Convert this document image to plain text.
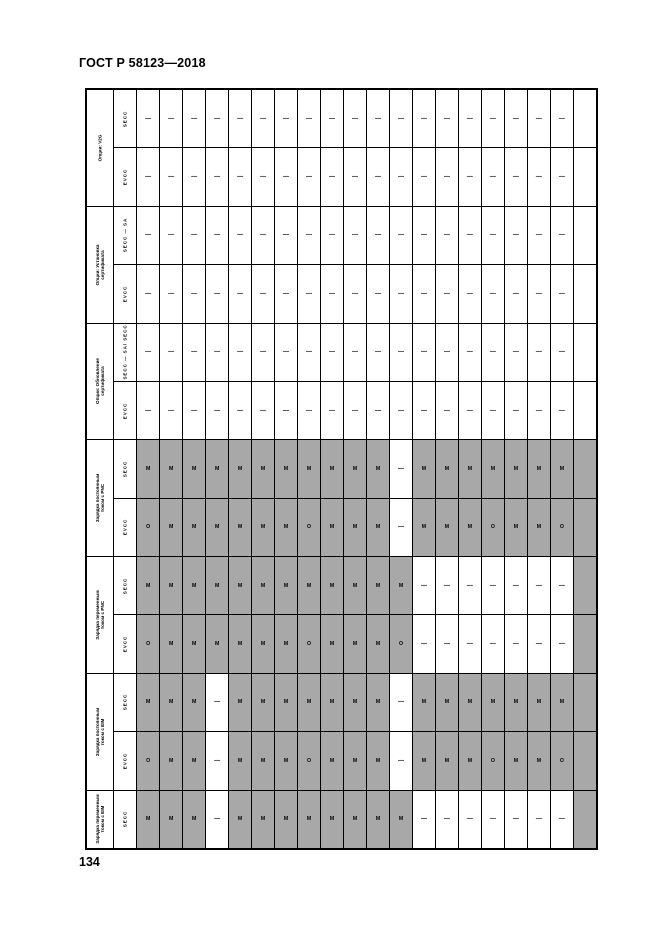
ГОСТ Р 58123—2018
Опции: V2G	SECC	—	—	—	—	—	—	—	—	—	—	—	—	—	—	—	—	—	—	—	

	EVCC	—	—	—	—	—	—	—	—	—	—	—	—	—	—	—	—	—	—	—	

Опции: Установка сертификата	SECC — SA	—	—	—	—	—	—	—	—	—	—	—	—	—	—	—	—	—	—	—	

	EVCC	—	—	—	—	—	—	—	—	—	—	—	—	—	—	—	—	—	—	—	

Опции: Обновление сертификата	SECC — SA/ SECC	—	—	—	—	—	—	—	—	—	—	—	—	—	—	—	—	—	—	—	

	EVCC	—	—	—	—	—	—	—	—	—	—	—	—	—	—	—	—	—	—	—	

Зарядка постоянным током с PNC	SECC	M	M	M	M	M	M	M	M	M	M	M	—	M	M	M	M	M	M	M	

	EVCC	O	M	M	M	M	M	M	O	M	M	M	—	M	M	M	O	M	M	O	

Зарядка переменным током с PNC	SECC	M	M	M	M	M	M	M	M	M	M	M	M	—	—	—	—	—	—	—	

	EVCC	O	M	M	M	M	M	M	O	M	M	M	O	—	—	—	—	—	—	—	

Зарядка постоянным током с EIM	SECC	M	M	M	—	M	M	M	M	M	M	M	—	M	M	M	M	M	M	M	

	EVCC	O	M	M	—	M	M	M	O	M	M	M	—	M	M	M	O	M	M	O	

Зарядка переменным током с EIM	SECC	M	M	M	—	M	M	M	M	M	M	M	M	—	—	—	—	—	—	—	
134
